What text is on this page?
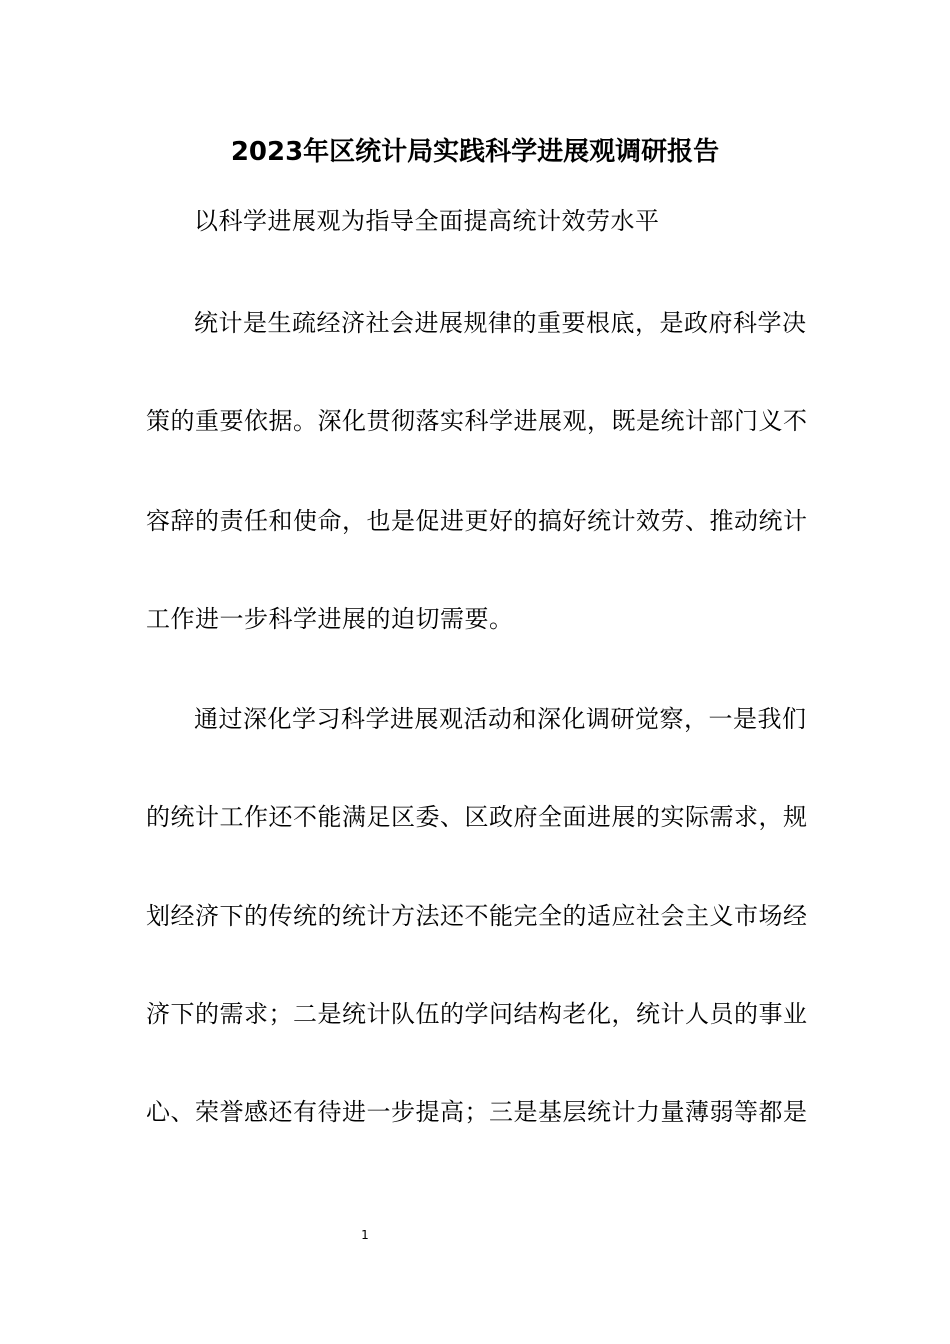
2023年区统计局实践科学进展观调研报告
以科学进展观为指导全面提高统计效劳水平
统计是生疏经济社会进展规律的重要根底，是政府科学决
策的重要依据。深化贯彻落实科学进展观，既是统计部门义不
容辞的责任和使命，也是促进更好的搞好统计效劳、推动统计
工作进一步科学进展的迫切需要。
通过深化学习科学进展观活动和深化调研觉察，一是我们
的统计工作还不能满足区委、区政府全面进展的实际需求，规
划经济下的传统的统计方法还不能完全的适应社会主义市场经
济下的需求；二是统计队伍的学问结构老化，统计人员的事业
心、荣誉感还有待进一步提高；三是基层统计力量薄弱等都是
1
